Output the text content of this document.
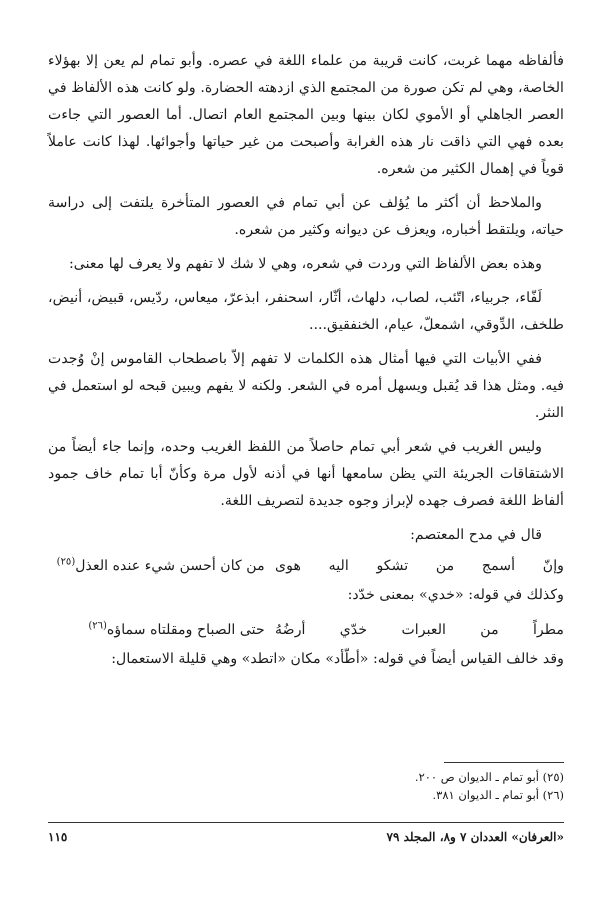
فألفاظه مهما غربت، كانت قريبة من علماء اللغة في عصره. وأبو تمام لم يعن إلا بهؤلاء الخاصة، وهي لم تكن صورة من المجتمع الذي ازدهته الحضارة. ولو كانت هذه الألفاظ في العصر الجاهلي أو الأموي لكان بينها وبين المجتمع العام اتصال. أما العصور التي جاءت بعده فهي التي ذاقت نار هذه الغرابة وأصبحت من غير حياتها وأجوائها. لهذا كانت عاملاً قوياً في إهمال الكثير من شعره.

والملاحظ أن أكثر ما يُؤلف عن أبي تمام في العصور المتأخرة يلتفت إلى دراسة حياته، ويلتقط أخباره، ويعزف عن ديوانه وكثير من شعره.

وهذه بعض الألفاظ التي وردت في شعره، وهي لا شك لا تفهم ولا يعرف لها معنى:

لَفّاء، جربياء، اتّئب، لصاب، دلهاث، أثّار، اسحنفر، ابذعرّ، ميعاس، ردّيس، قبيض، أنيض، طلخف، الدِّوقي، اشمعلّ، عيام، الخنفقيق....

ففي الأبيات التي فيها أمثال هذه الكلمات لا تفهم إلاّ باصطحاب القاموس إنْ وُجدت فيه. ومثل هذا قد يُقبل ويسهل أمره في الشعر. ولكنه لا يفهم ويبين قبحه لو استعمل في النثر.

وليس الغريب في شعر أبي تمام حاصلاً من اللفظ الغريب وحده، وإنما جاء أيضاً من الاشتقاقات الجريئة التي يظن سامعها أنها في أذنه لأول مرة وكأنّ أبا تمام خاف جمود ألفاظ اللغة فصرف جهده لإبراز وجوه جديدة لتصريف اللغة.

قال في مدح المعتصم:

وإنّ أسمج من تشكو اليه هوى
من كان أحسن شيء عنده العذل$^{(٢٥)}$

وكذلك في قوله: «خدي» بمعنى خدّد:

مطراً من العبرات خدّي أرضُهُ
حتى الصباح ومقلتاه سماؤه$^{(٢٦)}$

وقد خالف القياس أيضاً في قوله: «أطّأد» مكان «اتطد» وهي قليلة الاستعمال:

(٢٥) أبو تمام ـ الديوان ص ٢٠٠.

(٢٦) أبو تمام ـ الديوان ٣٨١.

«العرفان» العددان ٧ و٨، المجلد ٧٩
١١٥
